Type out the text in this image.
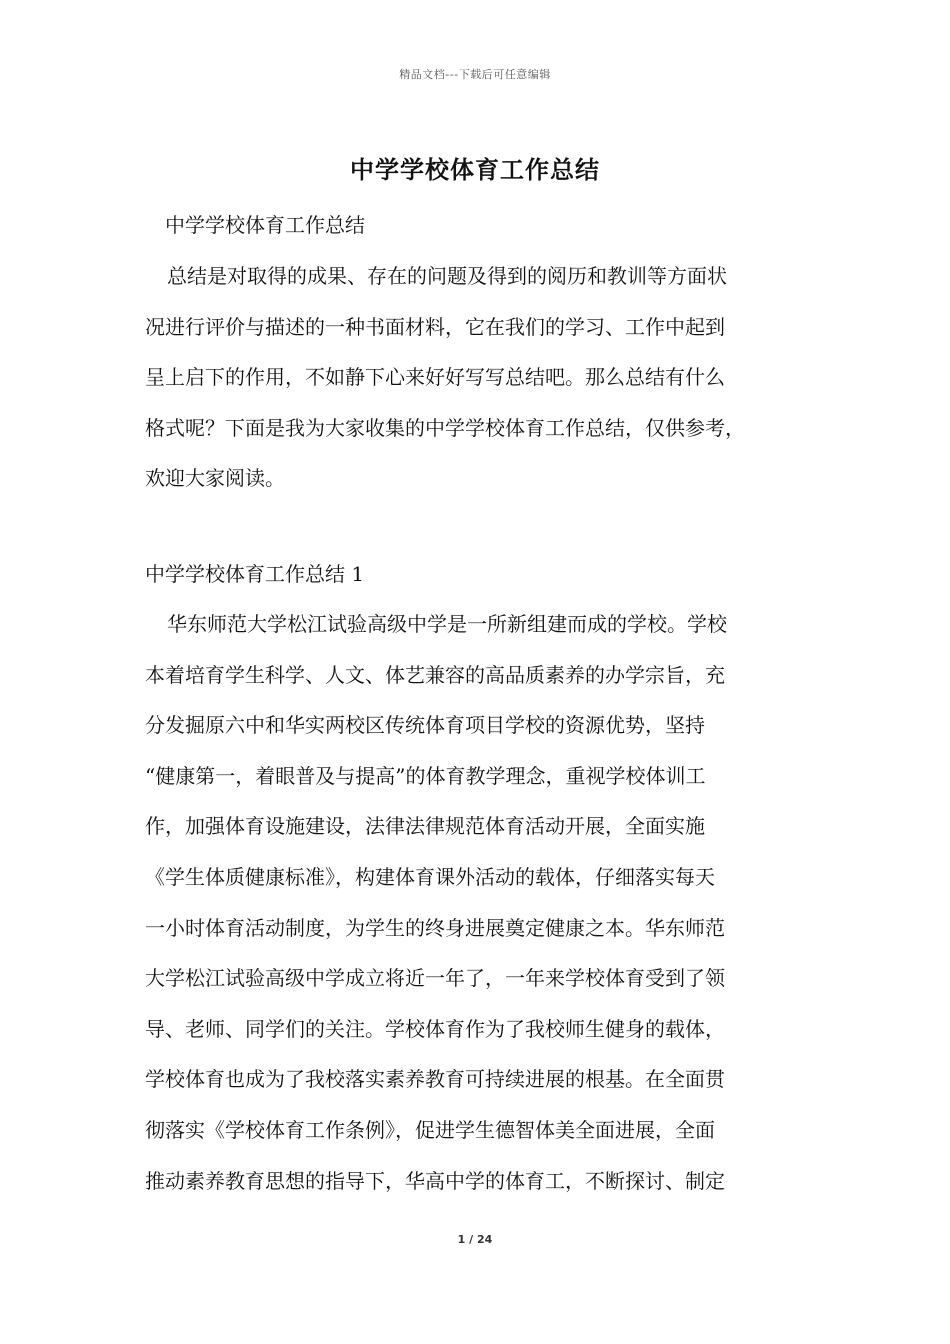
精品文档---下载后可任意编辑
中学学校体育工作总结
中学学校体育工作总结
总结是对取得的成果、存在的问题及得到的阅历和教训等方面状
况进行评价与描述的一种书面材料，它在我们的学习、工作中起到
呈上启下的作用，不如静下心来好好写写总结吧。那么总结有什么
格式呢？下面是我为大家收集的中学学校体育工作总结，仅供参考，
欢迎大家阅读。
中学学校体育工作总结 1
华东师范大学松江试验高级中学是一所新组建而成的学校。学校
本着培育学生科学、人文、体艺兼容的高品质素养的办学宗旨，充
分发掘原六中和华实两校区传统体育项目学校的资源优势，坚持
“健康第一，着眼普及与提高”的体育教学理念，重视学校体训工
作，加强体育设施建设，法律法律规范体育活动开展，全面实施
《学生体质健康标准》，构建体育课外活动的载体，仔细落实每天
一小时体育活动制度，为学生的终身进展奠定健康之本。华东师范
大学松江试验高级中学成立将近一年了，一年来学校体育受到了领
导、老师、同学们的关注。学校体育作为了我校师生健身的载体，
学校体育也成为了我校落实素养教育可持续进展的根基。在全面贯
彻落实《学校体育工作条例》，促进学生德智体美全面进展，全面
推动素养教育思想的指导下，华高中学的体育工，不断探讨、制定
1 / 24
